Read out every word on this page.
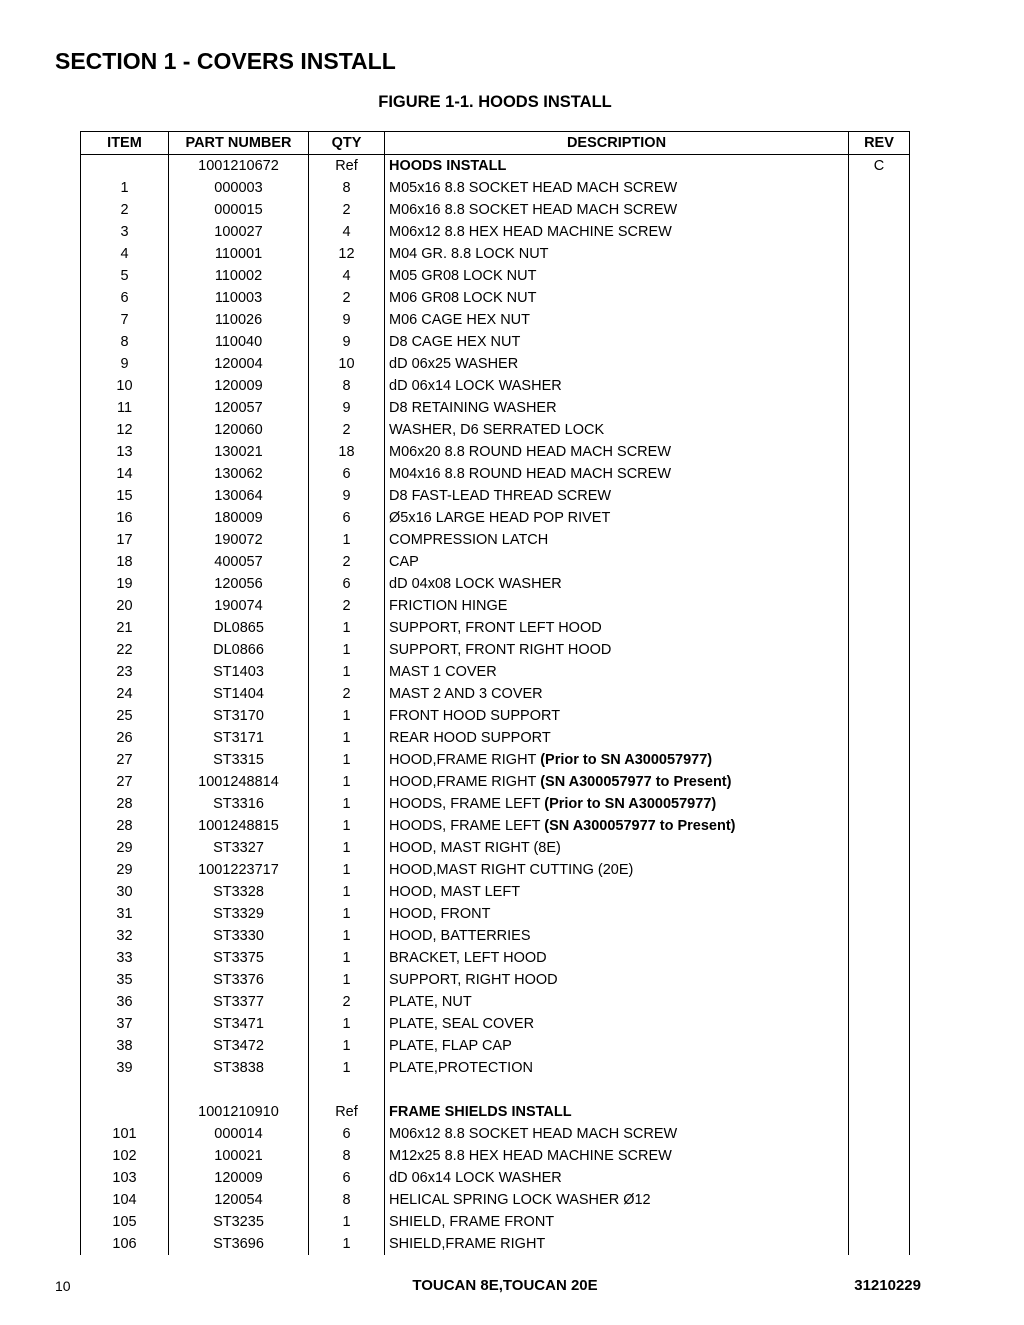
SECTION 1 - COVERS INSTALL
FIGURE 1-1. HOODS INSTALL
ITEM	PART NUMBER	QTY	DESCRIPTION	REV
	1001210672	Ref	HOODS INSTALL	C
1	000003	8	M05x16 8.8 SOCKET HEAD MACH SCREW	
2	000015	2	M06x16 8.8 SOCKET HEAD MACH SCREW	
3	100027	4	M06x12 8.8 HEX HEAD MACHINE SCREW	
4	110001	12	M04 GR. 8.8 LOCK NUT	
5	110002	4	M05 GR08 LOCK NUT	
6	110003	2	M06 GR08 LOCK NUT	
7	110026	9	M06 CAGE HEX NUT	
8	110040	9	D8 CAGE HEX NUT	
9	120004	10	dD 06x25 WASHER	
10	120009	8	dD 06x14 LOCK WASHER	
11	120057	9	D8 RETAINING WASHER	
12	120060	2	WASHER, D6 SERRATED LOCK	
13	130021	18	M06x20 8.8 ROUND HEAD MACH SCREW	
14	130062	6	M04x16 8.8 ROUND HEAD MACH SCREW	
15	130064	9	D8 FAST-LEAD THREAD SCREW	
16	180009	6	Ø5x16 LARGE HEAD POP RIVET	
17	190072	1	COMPRESSION LATCH	
18	400057	2	CAP	
19	120056	6	dD 04x08 LOCK WASHER	
20	190074	2	FRICTION HINGE	
21	DL0865	1	SUPPORT, FRONT LEFT HOOD	
22	DL0866	1	SUPPORT, FRONT RIGHT HOOD	
23	ST1403	1	MAST 1 COVER	
24	ST1404	2	MAST 2 AND 3 COVER	
25	ST3170	1	FRONT HOOD SUPPORT	
26	ST3171	1	REAR HOOD SUPPORT	
27	ST3315	1	HOOD,FRAME RIGHT (Prior to SN A300057977)	
27	1001248814	1	HOOD,FRAME RIGHT (SN A300057977 to Present)	
28	ST3316	1	HOODS, FRAME LEFT (Prior to SN A300057977)	
28	1001248815	1	HOODS, FRAME LEFT (SN A300057977 to Present)	
29	ST3327	1	HOOD, MAST RIGHT (8E)	
29	1001223717	1	HOOD,MAST RIGHT CUTTING (20E)	
30	ST3328	1	HOOD, MAST LEFT	
31	ST3329	1	HOOD, FRONT	
32	ST3330	1	HOOD, BATTERRIES	
33	ST3375	1	BRACKET, LEFT HOOD	
35	ST3376	1	SUPPORT, RIGHT HOOD	
36	ST3377	2	PLATE, NUT	
37	ST3471	1	PLATE, SEAL COVER	
38	ST3472	1	PLATE, FLAP CAP	
39	ST3838	1	PLATE,PROTECTION	

	1001210910	Ref	FRAME SHIELDS INSTALL	
101	000014	6	M06x12 8.8 SOCKET HEAD MACH SCREW	
102	100021	8	M12x25 8.8 HEX HEAD MACHINE SCREW	
103	120009	6	dD 06x14 LOCK WASHER	
104	120054	8	HELICAL SPRING LOCK WASHER Ø12	
105	ST3235	1	SHIELD, FRAME FRONT	
106	ST3696	1	SHIELD,FRAME RIGHT	
10	TOUCAN 8E,TOUCAN 20E	31210229
